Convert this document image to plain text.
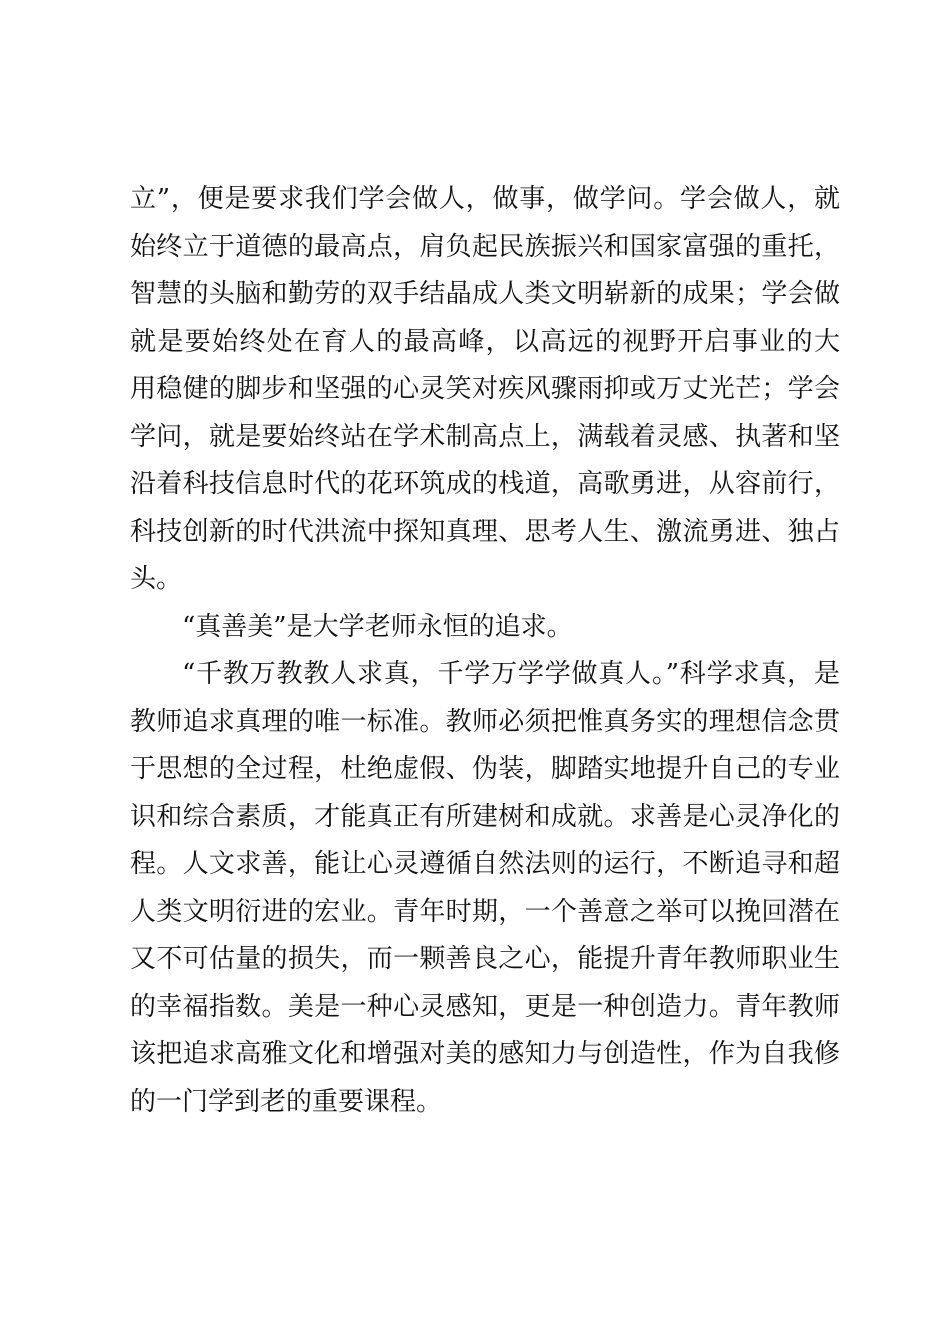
立”，便是要求我们学会做人，做事，做学问。学会做人，就
始终立于道德的最高点，肩负起民族振兴和国家富强的重托，
智慧的头脑和勤劳的双手结晶成人类文明崭新的成果；学会做
就是要始终处在育人的最高峰，以高远的视野开启事业的大
用稳健的脚步和坚强的心灵笑对疾风骤雨抑或万丈光芒；学会
学问，就是要始终站在学术制高点上，满载着灵感、执著和坚
沿着科技信息时代的花环筑成的栈道，高歌勇进，从容前行，
科技创新的时代洪流中探知真理、思考人生、激流勇进、独占
头。
“真善美”是大学老师永恒的追求。
“千教万教教人求真，千学万学学做真人。”科学求真，是
教师追求真理的唯一标准。教师必须把惟真务实的理想信念贯
于思想的全过程，杜绝虚假、伪装，脚踏实地提升自己的专业
识和综合素质，才能真正有所建树和成就。求善是心灵净化的
程。人文求善，能让心灵遵循自然法则的运行，不断追寻和超
人类文明衍进的宏业。青年时期，一个善意之举可以挽回潜在
又不可估量的损失，而一颗善良之心，能提升青年教师职业生
的幸福指数。美是一种心灵感知，更是一种创造力。青年教师
该把追求高雅文化和增强对美的感知力与创造性，作为自我修
的一门学到老的重要课程。
